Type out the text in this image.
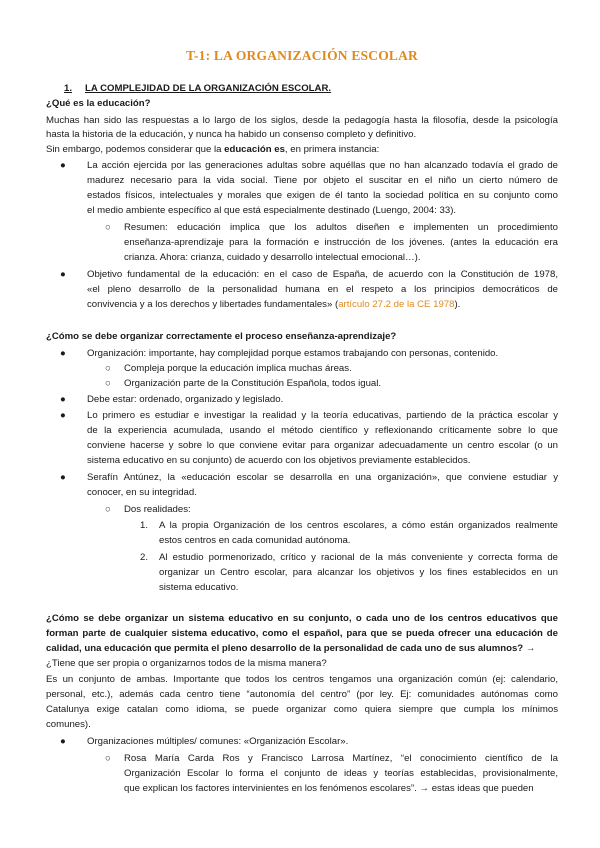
T-1: LA ORGANIZACIÓN ESCOLAR
1. LA COMPLEJIDAD DE LA ORGANIZACIÓN ESCOLAR.
¿Qué es la educación?
Muchas han sido las respuestas a lo largo de los siglos, desde la pedagogía hasta la filosofía, desde la psicología
hasta la historia de la educación, y nunca ha habido un consenso completo y definitivo.
Sin embargo, podemos considerar que la educación es, en primera instancia:
● La acción ejercida por las generaciones adultas sobre aquéllas que no han alcanzado todavía el grado de
madurez necesario para la vida social. Tiene por objeto el suscitar en el niño un cierto número de
estados físicos, intelectuales y morales que exigen de él tanto la sociedad política en su conjunto como
el medio ambiente específico al que está especialmente destinado (Luengo, 2004: 33).
○ Resumen: educación implica que los adultos diseñen e implementen un procedimiento
enseñanza-aprendizaje para la formación e instrucción de los jóvenes. (antes la educación era
crianza. Ahora: crianza, cuidado y desarrollo intelectual emocional…).
● Objetivo fundamental de la educación: en el caso de España, de acuerdo con la Constitución de 1978,
«el pleno desarrollo de la personalidad humana en el respeto a los principios democráticos de
convivencia y a los derechos y libertades fundamentales» (artículo 27.2 de la CE 1978).
¿Cómo se debe organizar correctamente el proceso enseñanza-aprendizaje?
● Organización: importante, hay complejidad porque estamos trabajando con personas, contenido.
○ Compleja porque la educación implica muchas áreas.
○ Organización parte de la Constitución Española, todos igual.
● Debe estar: ordenado, organizado y legislado.
● Lo primero es estudiar e investigar la realidad y la teoría educativas, partiendo de la práctica escolar y
de la experiencia acumulada, usando el método científico y reflexionando críticamente sobre lo que
conviene hacerse y sobre lo que conviene evitar para organizar adecuadamente un centro escolar (o un
sistema educativo en su conjunto) de acuerdo con los objetivos previamente establecidos.
● Serafín Antúnez, la «educación escolar se desarrolla en una organización», que conviene estudiar y
conocer, en su integridad.
○ Dos realidades:
1. A la propia Organización de los centros escolares, a cómo están organizados realmente
estos centros en cada comunidad autónoma.
2. Al estudio pormenorizado, crítico y racional de la más conveniente y correcta forma de
organizar un Centro escolar, para alcanzar los objetivos y los fines establecidos en un
sistema educativo.
¿Cómo se debe organizar un sistema educativo en su conjunto, o cada uno de los centros educativos que
forman parte de cualquier sistema educativo, como el español, para que se pueda ofrecer una educación de
calidad, una educación que permita el pleno desarrollo de la personalidad de cada uno de sus alumnos? →
¿Tiene que ser propia o organizarnos todos de la misma manera?
Es un conjunto de ambas. Importante que todos los centros tengamos una organización común (ej: calendario,
personal, etc.), además cada centro tiene “autonomía del centro” (por ley. Ej: comunidades autónomas como
Catalunya exige catalan como idioma, se puede organizar como quiera siempre que cumpla los mínimos
comunes).
● Organizaciones múltiples/ comunes: «Organización Escolar».
○ Rosa María Carda Ros y Francisco Larrosa Martínez, “el conocimiento científico de la
Organización Escolar lo forma el conjunto de ideas y teorías establecidas, provisionalmente,
que explican los factores intervinientes en los fenómenos escolares”. → estas ideas que pueden
